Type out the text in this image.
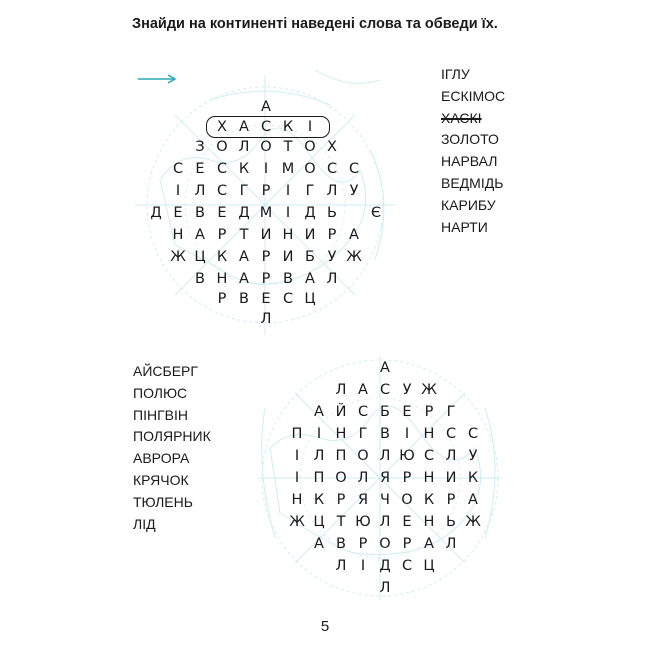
Знайди на континенті наведені слова та обведи їх.
А
Х А С К	І
З О Л О Т О Х
С Е С К	І М О С С
І Л С Г Р	І	Г Л У
Д Е В Е Д М І Д Ь	Є
Н А Р Т И Н И Р А
Ж Ц К А Р И Б У Ж
В Н А Р В А Л
Р В Е С Ц
Л
ІГЛУ
ЕСКІМОС
ХАСКІ
ЗОЛОТО
НАРВАЛ
ВЕДМІДЬ
КАРИБУ
НАРТИ
АЙСБЕРГ
ПОЛЮС
ПІНГВІН
ПОЛЯРНИК
АВРОРА
КРЯЧОК
ТЮЛЕНЬ
ЛІД
А
Л А С У Ж
А Й С Б Е Р Г
П І Н Г В	І Н С С
І Л П О Л Ю С Л У
І П О Л Я Р Н И К
Н К Р Я Ч О К Р А
Ж Ц Т Ю Л Е Н Ь Ж
А В Р О Р А Л
Л І Д С Ц
Л
5
